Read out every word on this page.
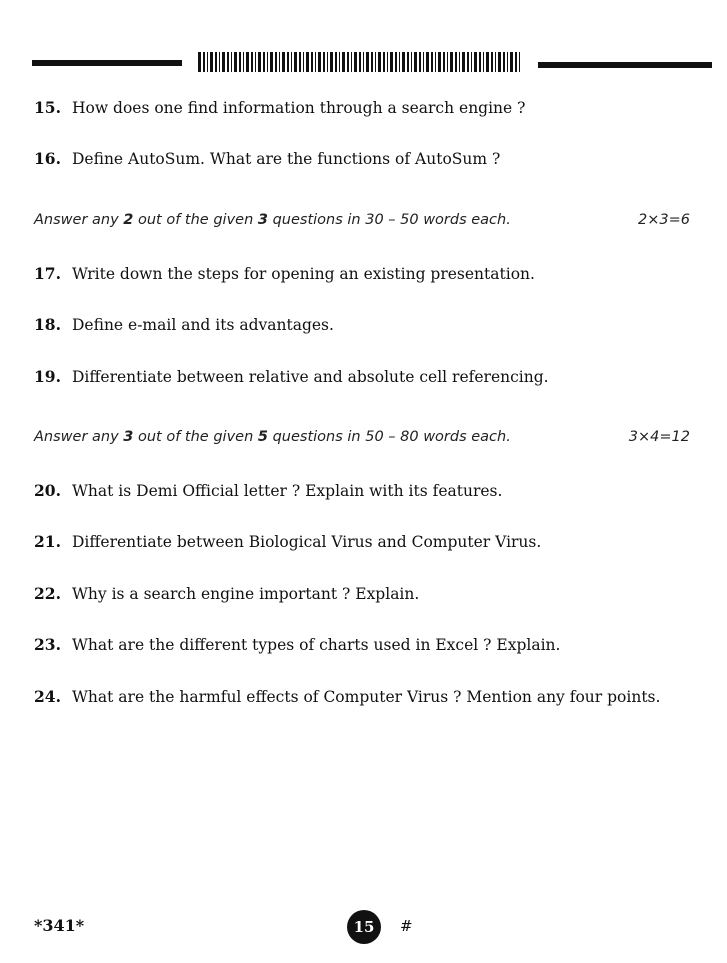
15. How does one find information through a search engine ?
16. Define AutoSum. What are the functions of AutoSum ?
Answer any 2 out of the given 3 questions in 30 – 50 words each.	2×3=6
17. Write down the steps for opening an existing presentation.
18. Define e-mail and its advantages.
19. Differentiate between relative and absolute cell referencing.
Answer any 3 out of the given 5 questions in 50 – 80 words each.	3×4=12
20. What is Demi Official letter ? Explain with its features.
21. Differentiate between Biological Virus and Computer Virus.
22. Why is a search engine important ? Explain.
23. What are the different types of charts used in Excel ? Explain.
24. What are the harmful effects of Computer Virus ? Mention any four points.
*341*	15	#
